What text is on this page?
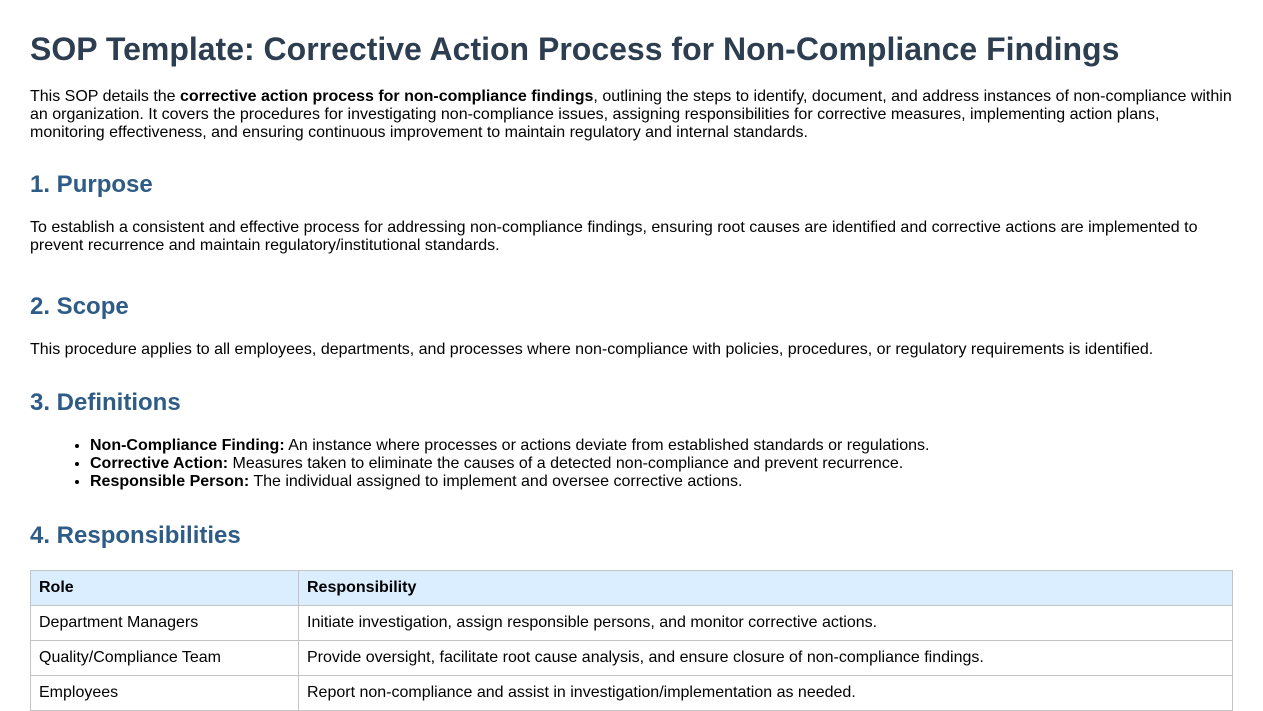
SOP Template: Corrective Action Process for Non-Compliance Findings

This SOP details the corrective action process for non-compliance findings, outlining the steps to identify, document, and address instances of non-compliance within an organization. It covers the procedures for investigating non-compliance issues, assigning responsibilities for corrective measures, implementing action plans, monitoring effectiveness, and ensuring continuous improvement to maintain regulatory and internal standards.

1. Purpose

To establish a consistent and effective process for addressing non-compliance findings, ensuring root causes are identified and corrective actions are implemented to prevent recurrence and maintain regulatory/institutional standards.

2. Scope

This procedure applies to all employees, departments, and processes where non-compliance with policies, procedures, or regulatory requirements is identified.

3. Definitions
• Non-Compliance Finding: An instance where processes or actions deviate from established standards or regulations.
• Corrective Action: Measures taken to eliminate the causes of a detected non-compliance and prevent recurrence.
• Responsible Person: The individual assigned to implement and oversee corrective actions.
4. Responsibilities
Role	Responsibility
Department Managers	Initiate investigation, assign responsible persons, and monitor corrective actions.
Quality/Compliance Team	Provide oversight, facilitate root cause analysis, and ensure closure of non-compliance findings.
Employees	Report non-compliance and assist in investigation/implementation as needed.
